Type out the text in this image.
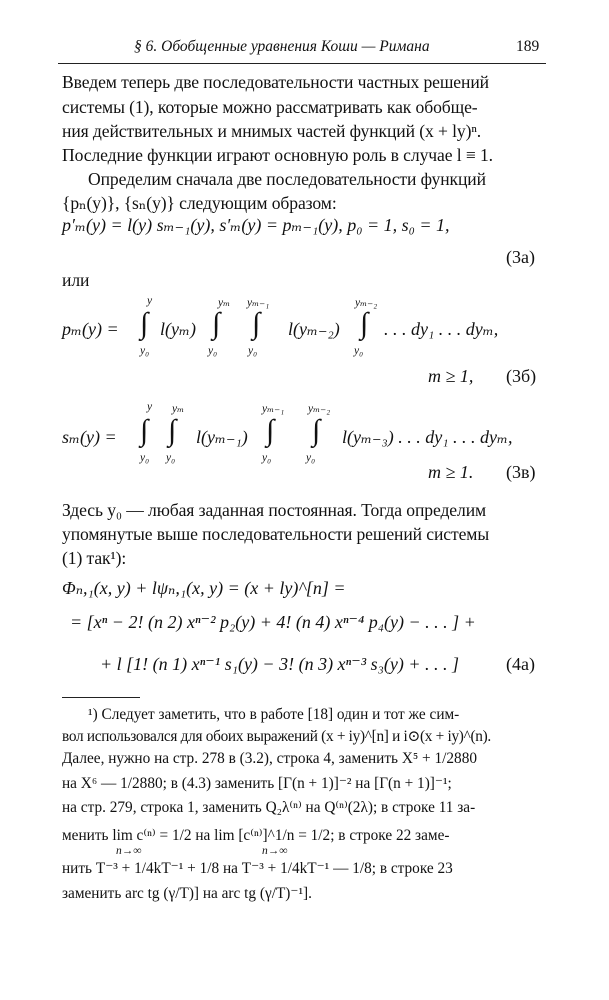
§ 6. Обобщенные уравнения Коши — Римана	189
Введем теперь две последовательности частных решений
системы (1), которые можно рассматривать как обобще-
ния действительных и мнимых частей функций (x + ly)ⁿ.
Последние функции играют основную роль в случае l ≡ 1.
Определим сначала две последовательности функций
{pₙ(y)}, {sₙ(y)} следующим образом:
p′ₘ(y) = l(y) sₘ₋₁(y), s′ₘ(y) = pₘ₋₁(y), p₀ = 1, s₀ = 1,
(3а)
или
pₘ(y) =
y
∫
y₀
l(yₘ)
yₘ
∫
y₀
yₘ₋₁
∫
y₀
l(yₘ₋₂)
yₘ₋₂
∫
y₀
. . . dy₁ . . . dyₘ,
m ≥ 1, (3б)
sₘ(y) =
y
∫
y₀
yₘ
∫
y₀
l(yₘ₋₁)
yₘ₋₁
∫
y₀
yₘ₋₂
∫
y₀
l(yₘ₋₃) . . . dy₁ . . . dyₘ,
m ≥ 1. (3в)
Здесь y₀ — любая заданная постоянная. Тогда определим
упомянутые выше последовательности решений системы
(1) так¹):
Φₙ,₁(x, y) + lψₙ,₁(x, y) = (x + ly)^[n] =
= [xⁿ − 2! (n 2) xⁿ⁻² p₂(y) + 4! (n 4) xⁿ⁻⁴ p₄(y) − . . . ] +
+ l [1! (n 1) xⁿ⁻¹ s₁(y) − 3! (n 3) xⁿ⁻³ s₃(y) + . . . ]	(4а)
¹) Следует заметить, что в работе [18] один и тот же сим-
вол использовался для обоих выражений (x + iy)^[n] и i⊙(x + iy)^(n).
Далее, нужно на стр. 278 в (3.2), строка 4, заменить X⁵ + 1/2880
на X⁶ — 1/2880; в (4.3) заменить [Γ(n + 1)]⁻² на [Γ(n + 1)]⁻¹;
на стр. 279, строка 1, заменить Q₂λ⁽ⁿ⁾ на Q⁽ⁿ⁾(2λ); в строке 11 за-
менить lim c⁽ⁿ⁾ = 1/2 на lim [c⁽ⁿ⁾]^1/n = 1/2; в строке 22 заме-
n→∞	n→∞
нить T⁻³ + 1/4kT⁻¹ + 1/8 на T⁻³ + 1/4kT⁻¹ — 1/8; в строке 23
заменить arc tg (γ/T)] на arc tg (γ/T)⁻¹].
